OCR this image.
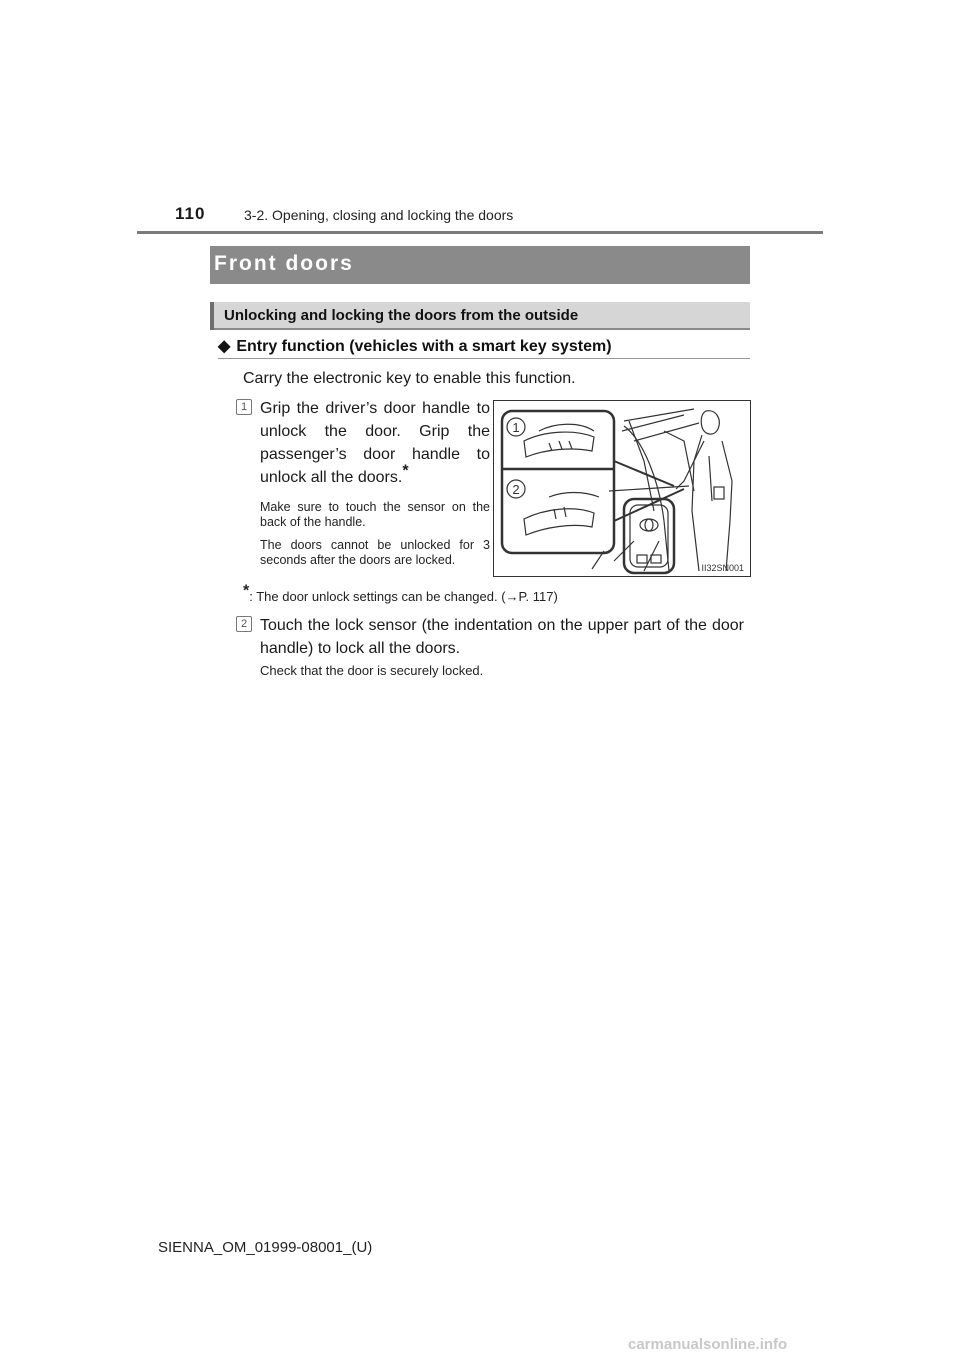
110	3-2. Opening, closing and locking the doors
Front doors
Unlocking and locking the doors from the outside
◆ Entry function (vehicles with a smart key system)
Carry the electronic key to enable this function.
1 Grip the driver’s door handle to unlock the door. Grip the passenger’s door handle to unlock all the doors.*
Make sure to touch the sensor on the back of the handle.
The doors cannot be unlocked for 3 seconds after the doors are locked.
1
2
II32SN001
*: The door unlock settings can be changed. (→P. 117)
2 Touch the lock sensor (the indentation on the upper part of the door handle) to lock all the doors.
Check that the door is securely locked.
SIENNA_OM_01999-08001_(U)
carmanualsonline.info
